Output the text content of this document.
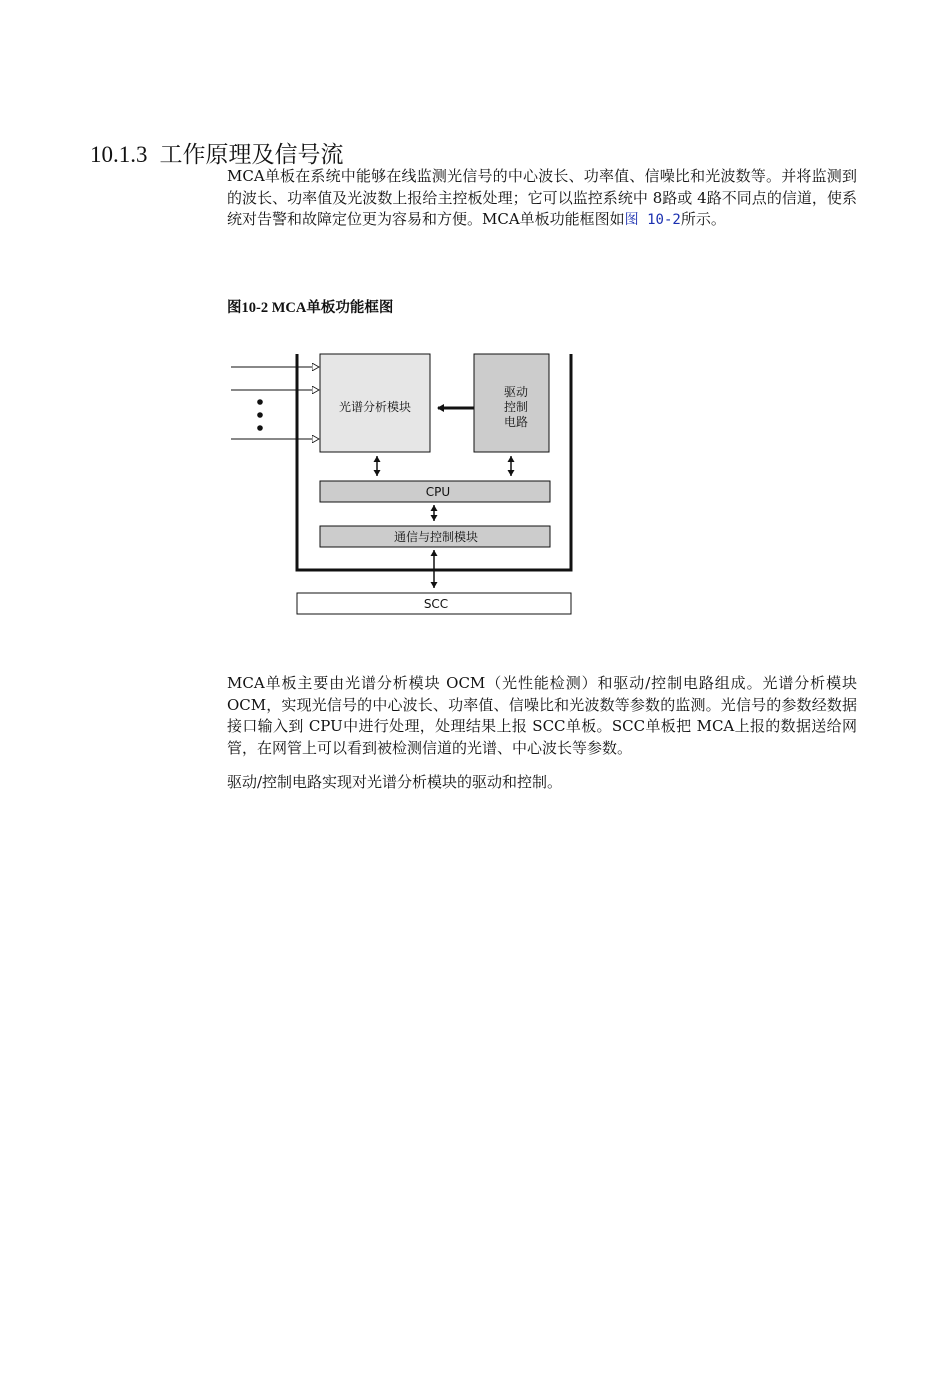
10.1.3 工作原理及信号流

MCA单板在系统中能够在线监测光信号的中心波长、功率值、信噪比和光波数等。并将监测到的波长、功率值及光波数上报给主控板处理；它可以监控系统中 8路或 4路不同点的信道，使系统对告警和故障定位更为容易和方便。MCA单板功能框图如图 10-2所示。

图10-2 MCA单板功能框图
光谱分析模块
驱动
控制
电路
CPU
通信与控制模块
SCC

MCA单板主要由光谱分析模块 OCM（光性能检测）和驱动/控制电路组成。光谱分析模块 OCM，实现光信号的中心波长、功率值、信噪比和光波数等参数的监测。光信号的参数经数据接口输入到 CPU中进行处理，处理结果上报 SCC单板。SCC单板把 MCA上报的数据送给网管，在网管上可以看到被检测信道的光谱、中心波长等参数。

驱动/控制电路实现对光谱分析模块的驱动和控制。
